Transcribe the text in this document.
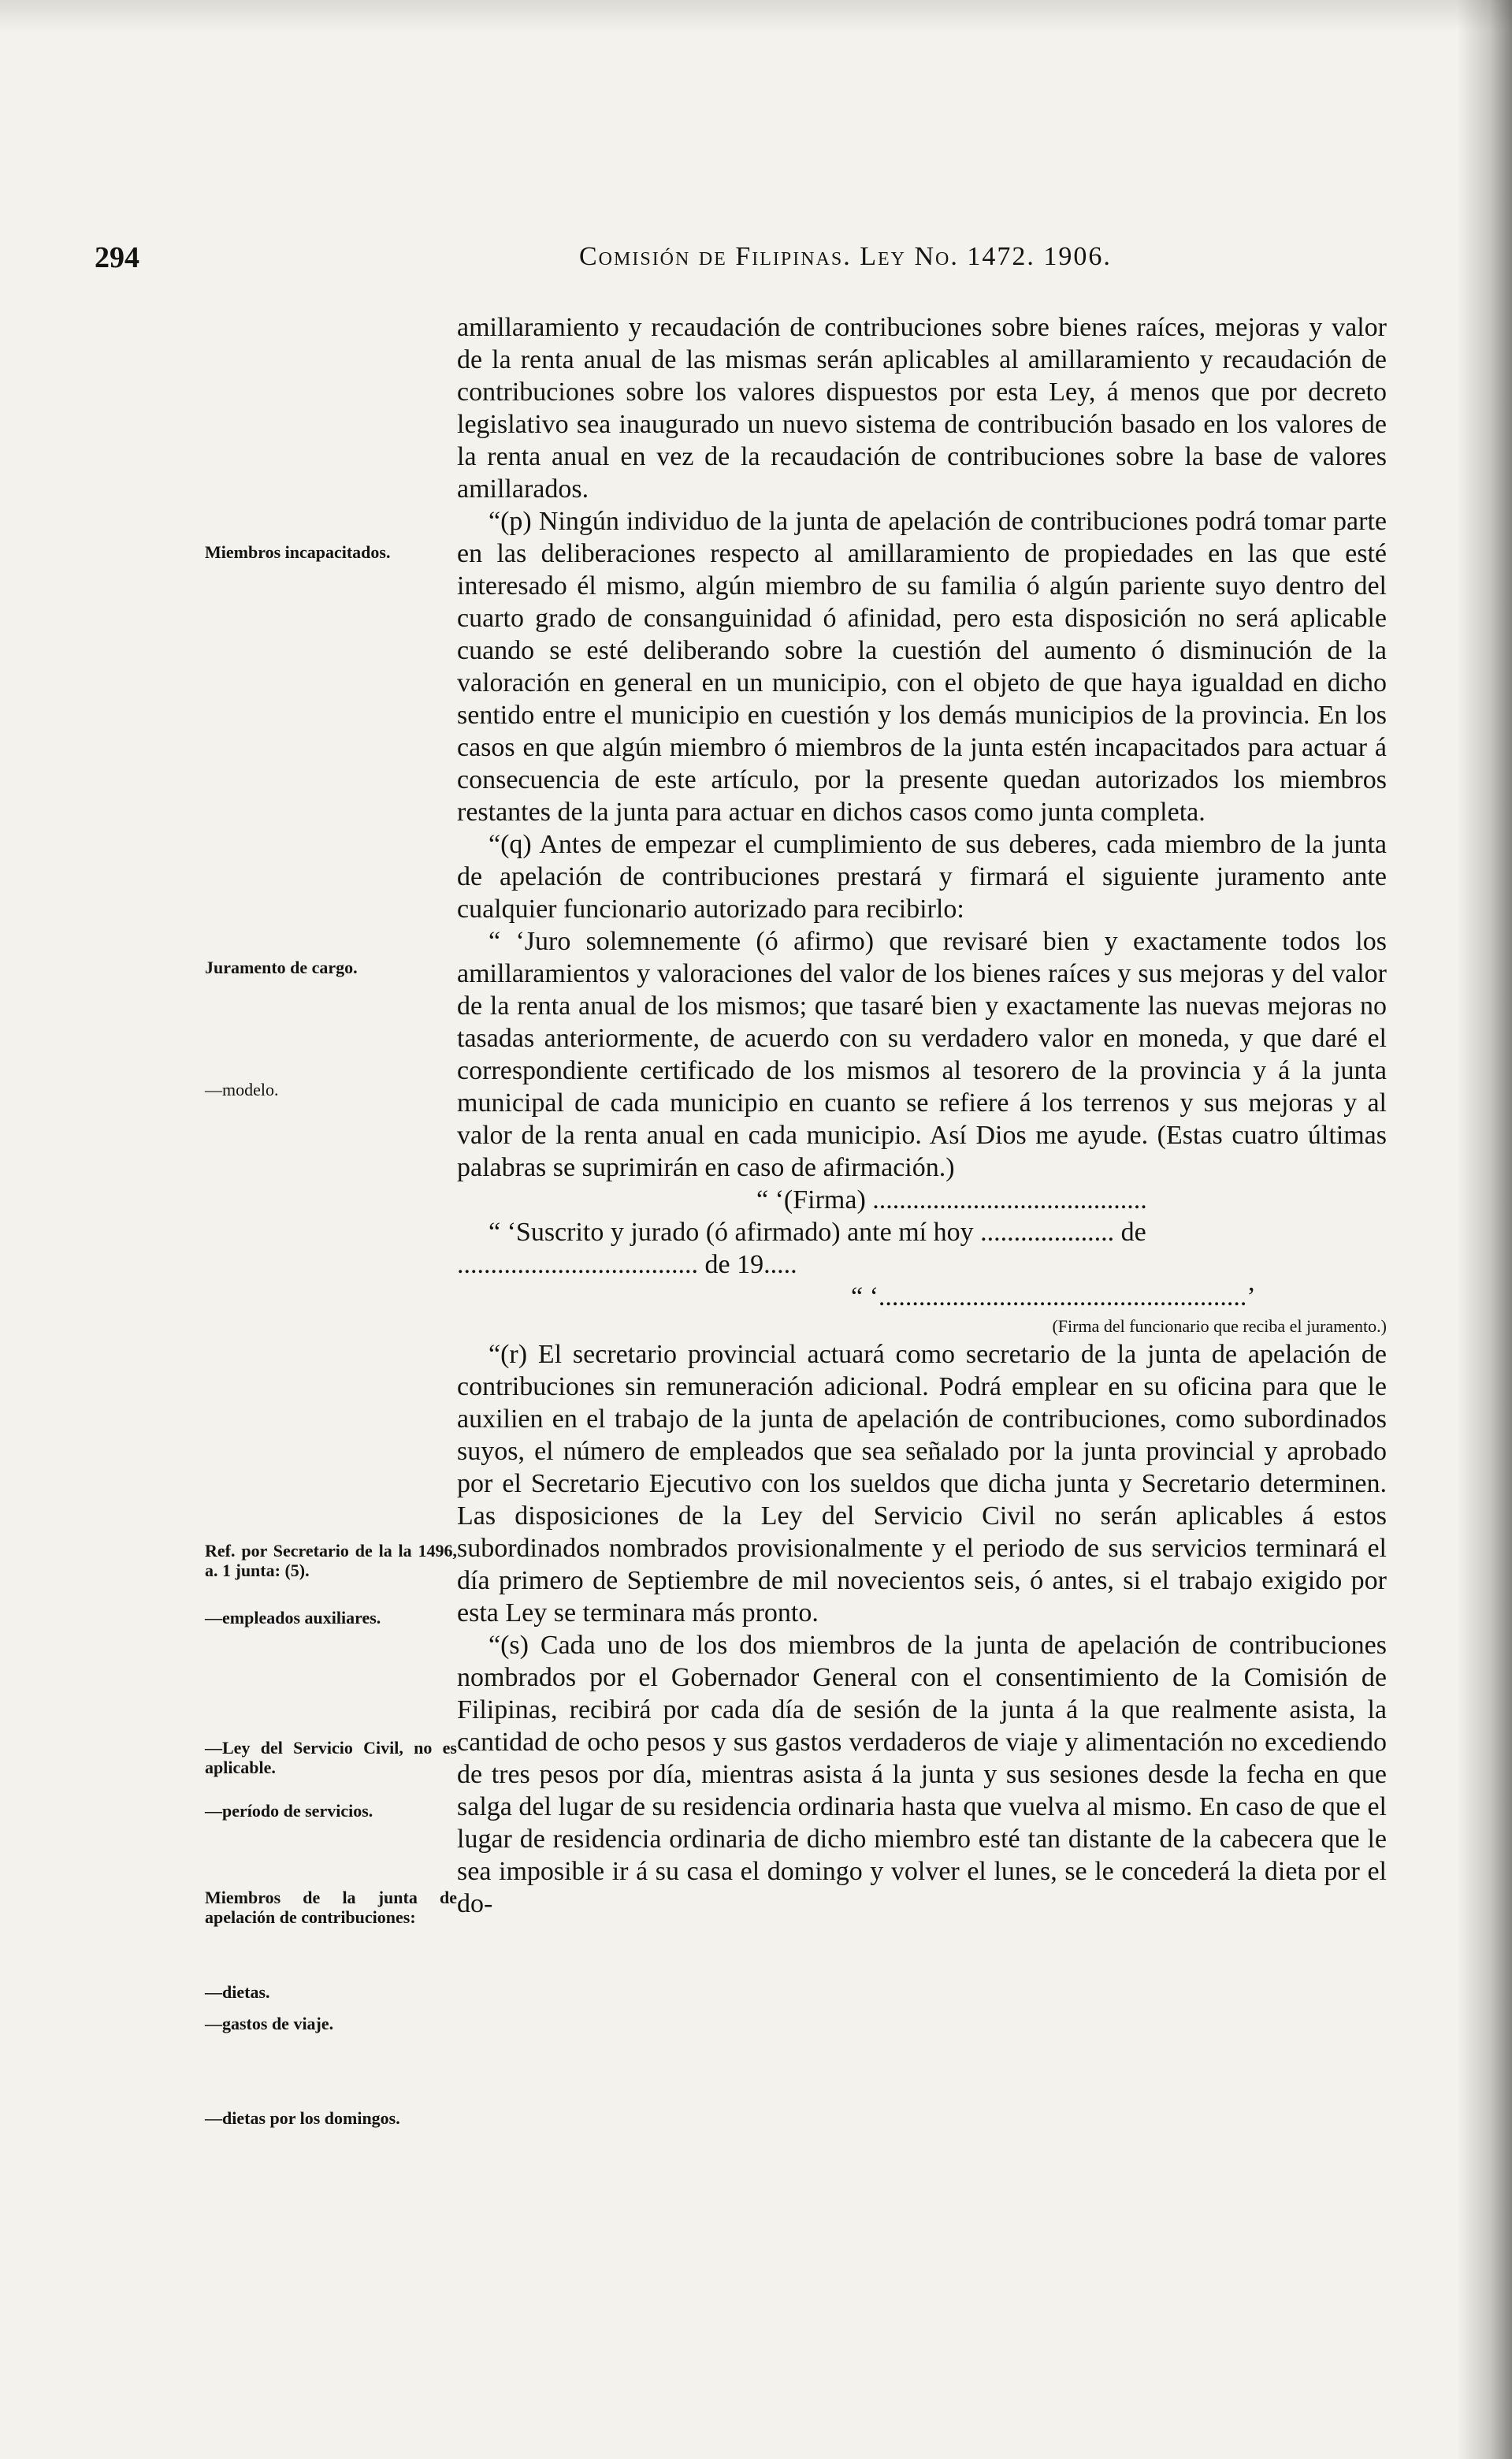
294	Comisión de Filipinas. Ley No. 1472. 1906.

amillaramiento y recaudación de contribuciones sobre bienes raíces, mejoras y valor de la renta anual de las mismas serán aplicables al amillaramiento y recaudación de contribuciones sobre los valores dispuestos por esta Ley, á menos que por decreto legislativo sea inaugurado un nuevo sistema de contribución basado en los valores de la renta anual en vez de la recaudación de contribuciones sobre la base de valores amillarados.

“(p) Ningún individuo de la junta de apelación de contribuciones podrá tomar parte en las deliberaciones respecto al amillaramiento de propiedades en las que esté interesado él mismo, algún miembro de su familia ó algún pariente suyo dentro del cuarto grado de consanguinidad ó afinidad, pero esta disposición no será aplicable cuando se esté deliberando sobre la cuestión del aumento ó disminución de la valoración en general en un municipio, con el objeto de que haya igualdad en dicho sentido entre el municipio en cuestión y los demás municipios de la provincia. En los casos en que algún miembro ó miembros de la junta estén incapacitados para actuar á consecuencia de este artículo, por la presente quedan autorizados los miembros restantes de la junta para actuar en dichos casos como junta completa.

“(q) Antes de empezar el cumplimiento de sus deberes, cada miembro de la junta de apelación de contribuciones prestará y firmará el siguiente juramento ante cualquier funcionario autorizado para recibirlo:

“ ‘Juro solemnemente (ó afirmo) que revisaré bien y exactamente todos los amillaramientos y valoraciones del valor de los bienes raíces y sus mejoras y del valor de la renta anual de los mismos; que tasaré bien y exactamente las nuevas mejoras no tasadas anteriormente, de acuerdo con su verdadero valor en moneda, y que daré el correspondiente certificado de los mismos al tesorero de la provincia y á la junta municipal de cada municipio en cuanto se refiere á los terrenos y sus mejoras y al valor de la renta anual en cada municipio. Así Dios me ayude. (Estas cuatro últimas palabras se suprimirán en caso de afirmación.)

“ ‘(Firma) .........................................

“ ‘Suscrito y jurado (ó afirmado) ante mí hoy .................... de

.................................... de 19.....

“ ‘.......................................................’

(Firma del funcionario que reciba el juramento.)

“(r) El secretario provincial actuará como secretario de la junta de apelación de contribuciones sin remuneración adicional. Podrá emplear en su oficina para que le auxilien en el trabajo de la junta de apelación de contribuciones, como subordinados suyos, el número de empleados que sea señalado por la junta provincial y aprobado por el Secretario Ejecutivo con los sueldos que dicha junta y Secretario determinen. Las disposiciones de la Ley del Servicio Civil no serán aplicables á estos subordinados nombrados provisionalmente y el periodo de sus servicios terminará el día primero de Septiembre de mil novecientos seis, ó antes, si el trabajo exigido por esta Ley se terminara más pronto.

“(s) Cada uno de los dos miembros de la junta de apelación de contribuciones nombrados por el Gobernador General con el consentimiento de la Comisión de Filipinas, recibirá por cada día de sesión de la junta á la que realmente asista, la cantidad de ocho pesos y sus gastos verdaderos de viaje y alimentación no excediendo de tres pesos por día, mientras asista á la junta y sus sesiones desde la fecha en que salga del lugar de su residencia ordinaria hasta que vuelva al mismo. En caso de que el lugar de residencia ordinaria de dicho miembro esté tan distante de la cabecera que le sea imposible ir á su casa el domingo y volver el lunes, se le concederá la dieta por el do-

Miembros incapacitados.
Juramento de cargo.
—modelo.
Ref. por Secretario de la la 1496, a. 1 junta: (5).
—empleados auxiliares.
—Ley del Servicio Civil, no es aplicable.
—período de servicios.
Miembros de la junta de apelación de contribuciones:
—dietas.
—gastos de viaje.
—dietas por los domingos.
